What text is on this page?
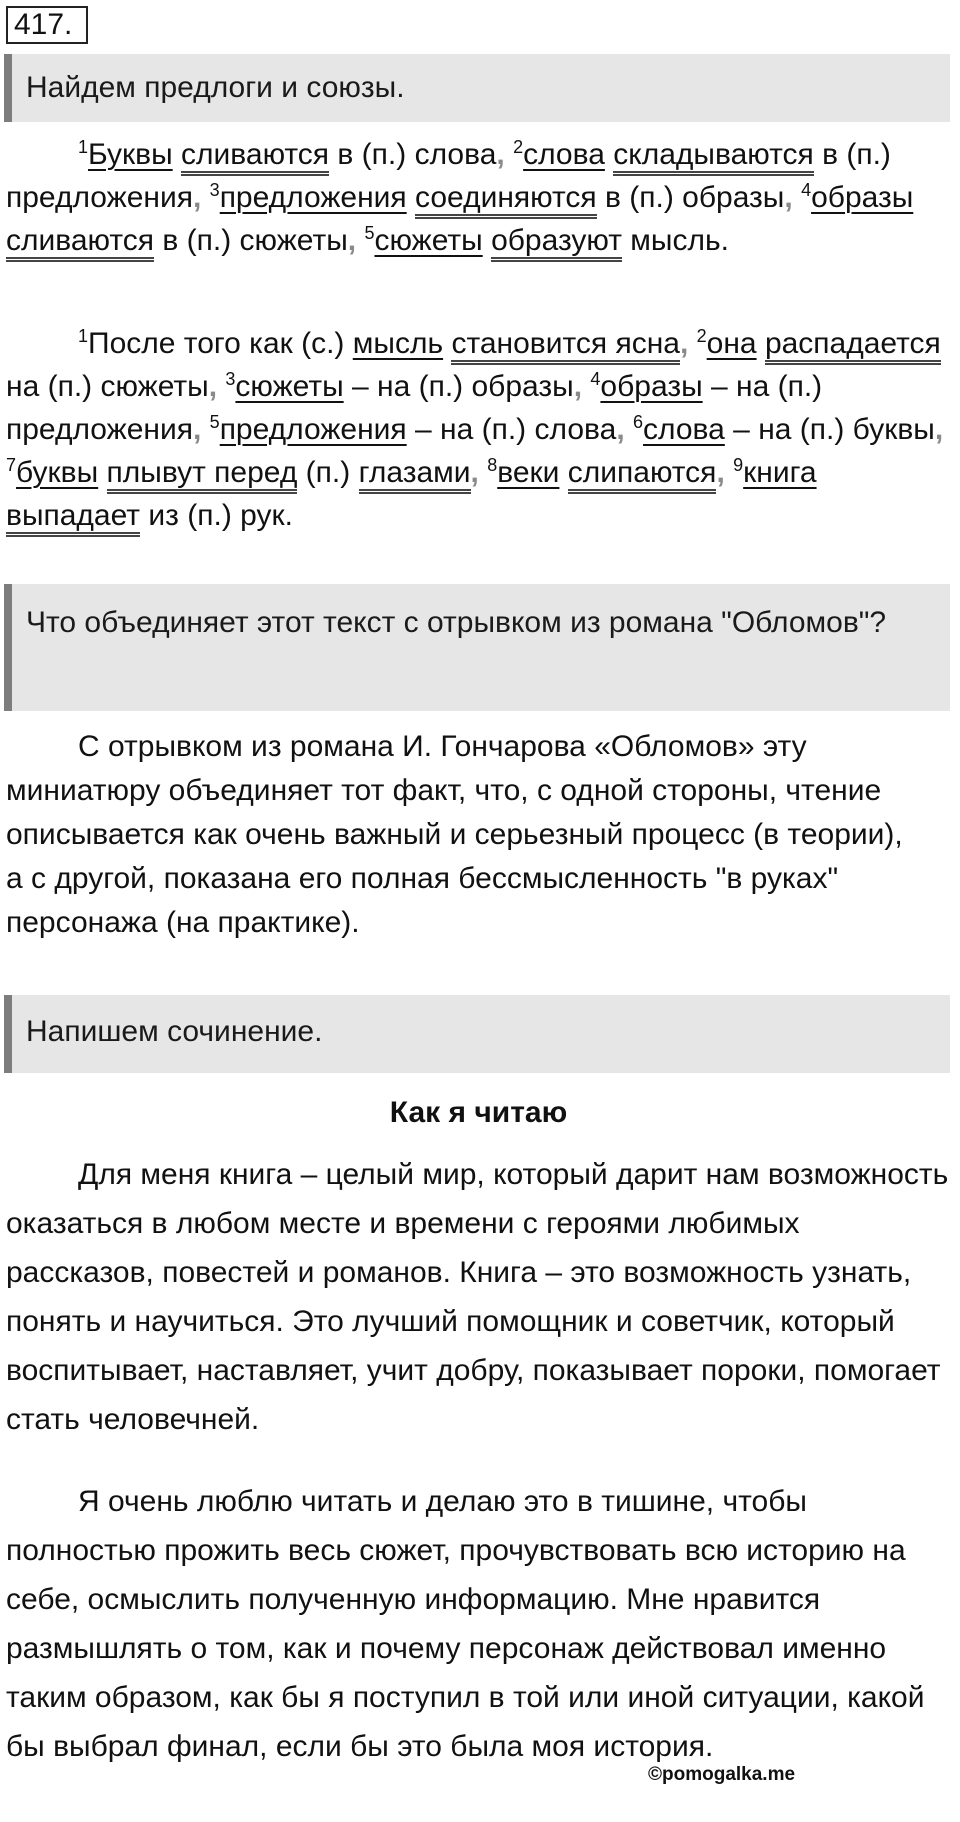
417.
Найдем предлоги и союзы.

$^1$Буквы сливаются в (п.) слова, $^2$слова складываются в (п.) предложения, $^3$предложения соединяются в (п.) образы, $^4$образы сливаются в (п.) сюжеты, $^5$сюжеты образуют мысль.

$^1$После того как (с.) мысль становится ясна, $^2$она распадается на (п.) сюжеты, $^3$сюжеты – на (п.) образы, $^4$образы – на (п.) предложения, $^5$предложения – на (п.) слова, $^6$слова – на (п.) буквы, $^7$буквы плывут перед (п.) глазами, $^8$веки слипаются, $^9$книга выпадает из (п.) рук.

Что объединяет этот текст с отрывком из романа "Обломов"?

С отрывком из романа И. Гончарова «Обломов» эту миниатюру объединяет тот факт, что, с одной стороны, чтение описывается как очень важный и серьезный процесс (в теории), а с другой, показана его полная бессмысленность "в руках" персонажа (на практике).

Напишем сочинение.
Как я читаю

Для меня книга – целый мир, который дарит нам возможность оказаться в любом месте и времени с героями любимых рассказов, повестей и романов. Книга – это возможность узнать, понять и научиться. Это лучший помощник и советчик, который воспитывает, наставляет, учит добру, показывает пороки, помогает стать человечней.

Я очень люблю читать и делаю это в тишине, чтобы полностью прожить весь сюжет, прочувствовать всю историю на себе, осмыслить полученную информацию. Мне нравится размышлять о том, как и почему персонаж действовал именно таким образом, как бы я поступил в той или иной ситуации, какой бы выбрал финал, если бы это была моя история.

©pomogalka.me
